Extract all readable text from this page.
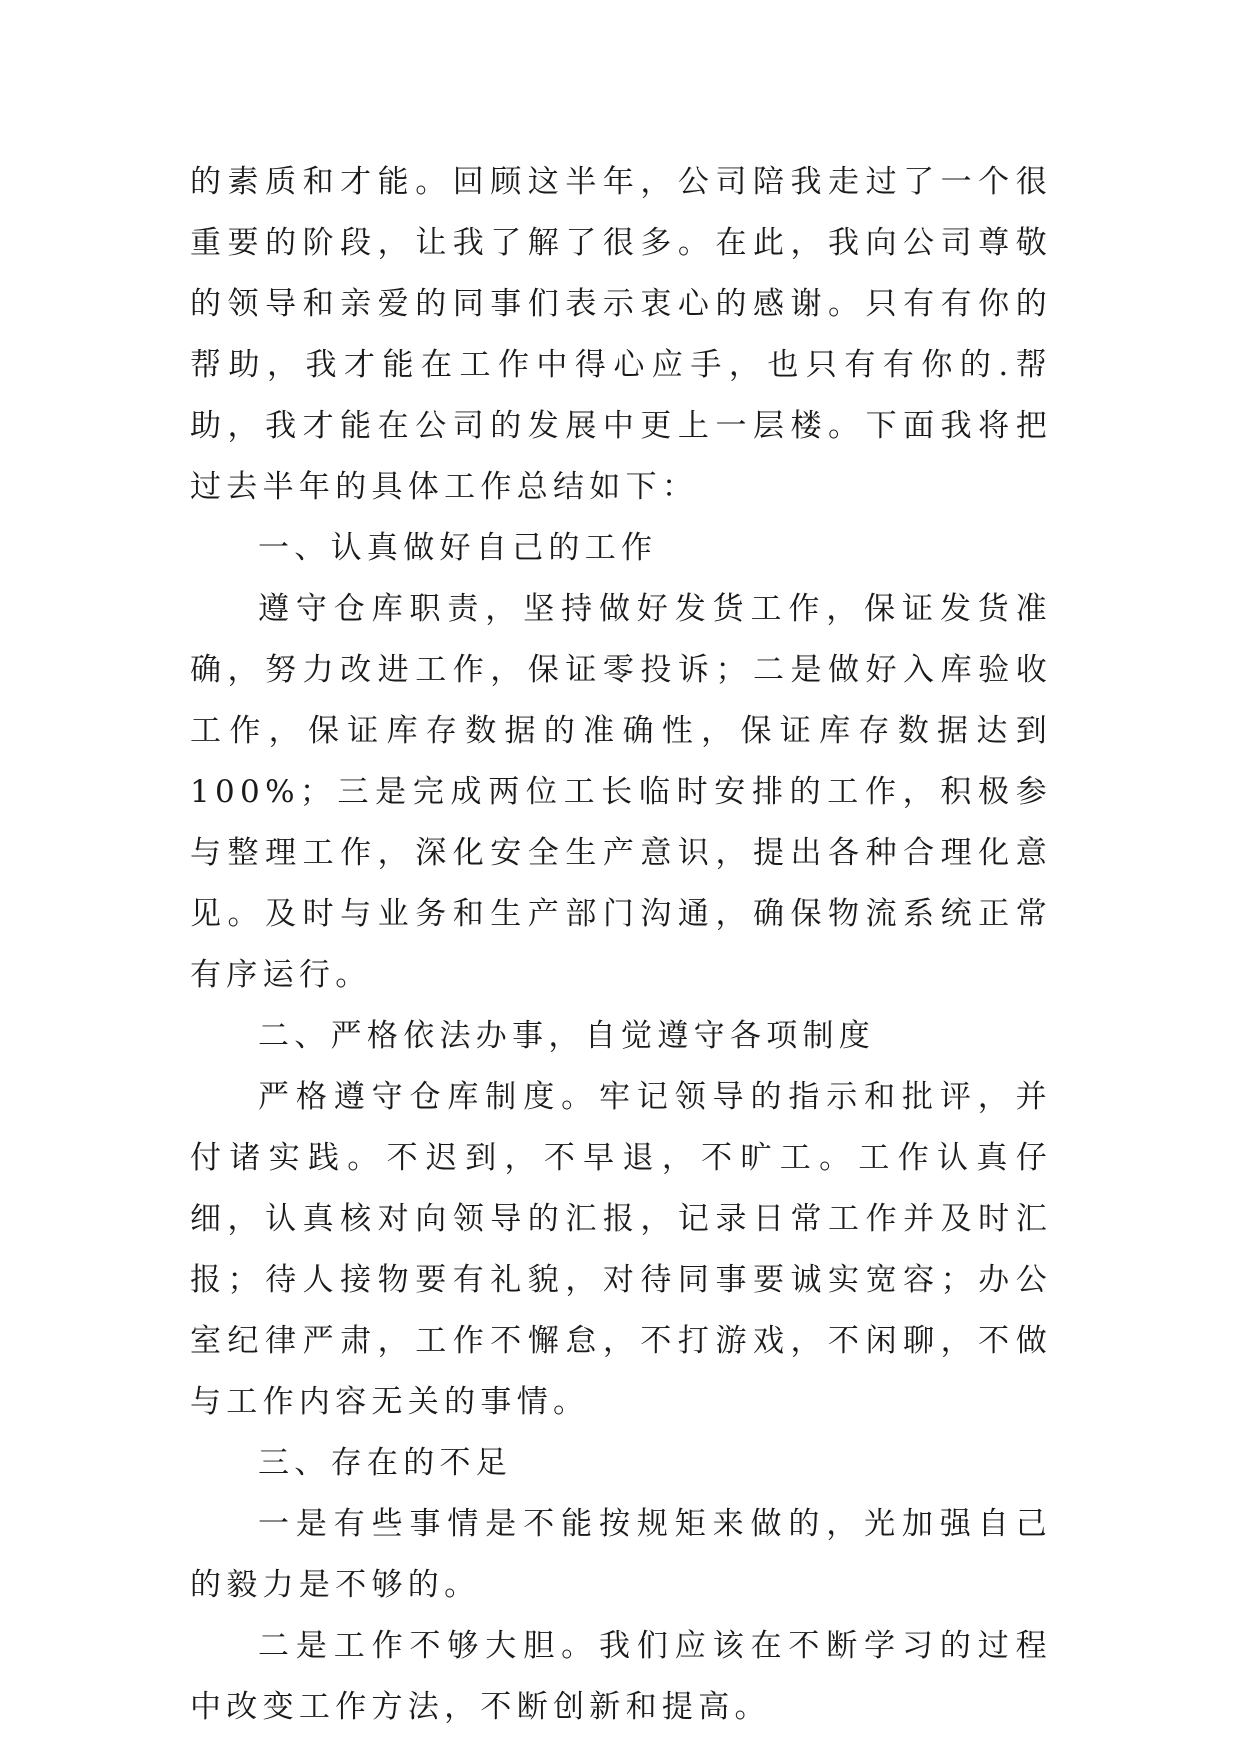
的素质和才能。回顾这半年，公司陪我走过了一个很重要的阶段，让我了解了很多。在此，我向公司尊敬的领导和亲爱的同事们表示衷心的感谢。只有有你的帮助，我才能在工作中得心应手，也只有有你的.帮助，我才能在公司的发展中更上一层楼。下面我将把过去半年的具体工作总结如下：

一、认真做好自己的工作

遵守仓库职责，坚持做好发货工作，保证发货准确，努力改进工作，保证零投诉；二是做好入库验收工作，保证库存数据的准确性，保证库存数据达到100%；三是完成两位工长临时安排的工作，积极参与整理工作，深化安全生产意识，提出各种合理化意见。及时与业务和生产部门沟通，确保物流系统正常有序运行。

二、严格依法办事，自觉遵守各项制度

严格遵守仓库制度。牢记领导的指示和批评，并付诸实践。不迟到，不早退，不旷工。工作认真仔细，认真核对向领导的汇报，记录日常工作并及时汇报；待人接物要有礼貌，对待同事要诚实宽容；办公室纪律严肃，工作不懈怠，不打游戏，不闲聊，不做与工作内容无关的事情。

三、存在的不足

一是有些事情是不能按规矩来做的，光加强自己的毅力是不够的。

二是工作不够大胆。我们应该在不断学习的过程中改变工作方法，不断创新和提高。
